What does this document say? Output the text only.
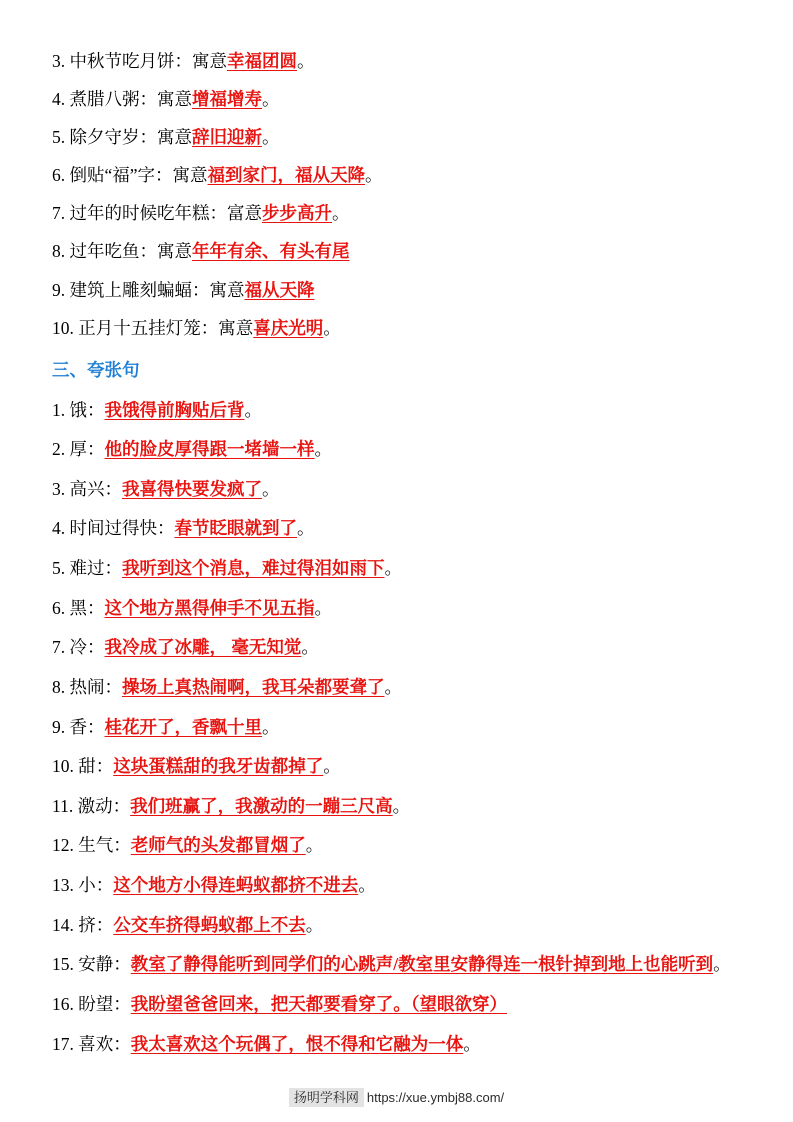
3. 中秋节吃月饼：寓意幸福团圆。

4. 煮腊八粥：寓意增福增寿。

5. 除夕守岁：寓意辞旧迎新。

6. 倒贴“福”字：寓意福到家门，福从天降。

7. 过年的时候吃年糕：富意步步高升。

8. 过年吃鱼：寓意年年有余、有头有尾

9. 建筑上雕刻蝙蝠：寓意福从天降

10. 正月十五挂灯笼：寓意喜庆光明。

三、夸张句

1. 饿：我饿得前胸贴后背。

2. 厚：他的脸皮厚得跟一堵墙一样。

3. 高兴：我喜得快要发疯了。

4. 时间过得快：春节眨眼就到了。

5. 难过：我听到这个消息，难过得泪如雨下。

6. 黑：这个地方黑得伸手不见五指。

7. 冷：我冷成了冰雕， 毫无知觉。

8. 热闹：操场上真热闹啊，我耳朵都要聋了。

9. 香：桂花开了，香飘十里。

10. 甜：这块蛋糕甜的我牙齿都掉了。

11. 激动：我们班赢了，我激动的一蹦三尺高。

12. 生气：老师气的头发都冒烟了。

13. 小：这个地方小得连蚂蚁都挤不进去。

14. 挤：公交车挤得蚂蚁都上不去。

15. 安静：教室了静得能听到同学们的心跳声/教室里安静得连一根针掉到地上也能听到。

16. 盼望：我盼望爸爸回来，把天都要看穿了。（望眼欲穿）

17. 喜欢：我太喜欢这个玩偶了，恨不得和它融为一体。

扬明学科网 https://xue.ymbj88.com/
